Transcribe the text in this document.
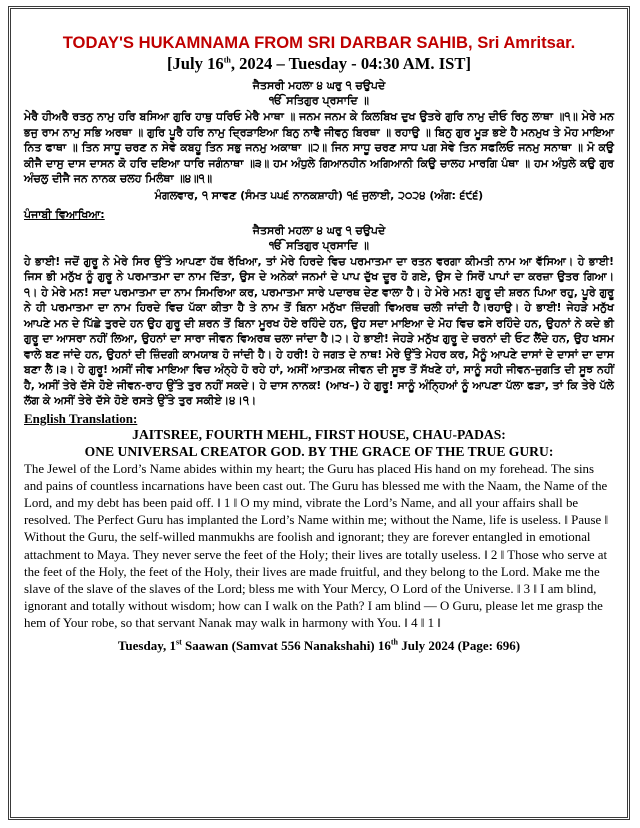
TODAY'S HUKAMNAMA FROM SRI DARBAR SAHIB, Sri Amritsar.

[July 16th, 2024 – Tuesday - 04:30 AM. IST]

ਜੈਤਸਰੀ ਮਹਲਾ ੪ ਘਰੁ ੧ ਚਉਪਦੇ

ੴ ਸਤਿਗੁਰ ਪ੍ਰਸਾਦਿ ॥

ਮੇਰੈ ਹੀਅਰੈ ਰਤਨੁ ਨਾਮੁ ਹਰਿ ਬਸਿਆ ਗੁਰਿ ਹਾਥੁ ਧਰਿਓ ਮੇਰੈ ਮਾਥਾ ॥ ਜਨਮ ਜਨਮ ਕੇ ਕਿਲਬਿਖ ਦੁਖ ਉਤਰੇ ਗੁਰਿ ਨਾਮੁ ਦੀਓ ਰਿਨੁ ਲਾਥਾ ॥੧॥ ਮੇਰੇ ਮਨ ਭਜੁ ਰਾਮ ਨਾਮੁ ਸਭਿ ਅਰਥਾ ॥ ਗੁਰਿ ਪੂਰੈ ਹਰਿ ਨਾਮੁ ਦ੍ਰਿੜਾਇਆ ਬਿਨੁ ਨਾਵੈ ਜੀਵਨੁ ਬਿਰਥਾ ॥ ਰਹਾਉ ॥ ਬਿਨੁ ਗੁਰ ਮੂੜ ਭਏ ਹੈ ਮਨਮੁਖ ਤੇ ਮੋਹ ਮਾਇਆ ਨਿਤ ਫਾਥਾ ॥ ਤਿਨ ਸਾਧੂ ਚਰਣ ਨ ਸੇਵੇ ਕਬਹੂ ਤਿਨ ਸਭੁ ਜਨਮੁ ਅਕਾਥਾ ॥੨॥ ਜਿਨ ਸਾਧੂ ਚਰਣ ਸਾਧ ਪਗ ਸੇਵੇ ਤਿਨ ਸਫਲਿਓ ਜਨਮੁ ਸਨਾਥਾ ॥ ਮੋ ਕਉ ਕੀਜੈ ਦਾਸੁ ਦਾਸ ਦਾਸਨ ਕੋ ਹਰਿ ਦਇਆ ਧਾਰਿ ਜਗੰਨਾਥਾ ॥੩॥ ਹਮ ਅੰਧੁਲੇ ਗਿਆਨਹੀਨ ਅਗਿਆਨੀ ਕਿਉ ਚਾਲਹ ਮਾਰਗਿ ਪੰਥਾ ॥ ਹਮ ਅੰਧੁਲੇ ਕਉ ਗੁਰ ਅੰਚਲੁ ਦੀਜੈ ਜਨ ਨਾਨਕ ਚਲਹ ਮਿਲੰਥਾ ॥੪॥੧॥

ਮੰਗਲਵਾਰ, ੧ ਸਾਵਣ (ਸੰਮਤ ੫੫੬ ਨਾਨਕਸ਼ਾਹੀ) ੧੬ ਜੁਲਾਈ, ੨੦੨੪ (ਅੰਗ: ੬੯੬)

ਪੰਜਾਬੀ ਵਿਆਖਿਆ:

ਜੈਤਸਰੀ ਮਹਲਾ ੪ ਘਰੁ ੧ ਚਉਪਦੇ

ੴ ਸਤਿਗੁਰ ਪ੍ਰਸਾਦਿ ॥

ਹੇ ਭਾਈ! ਜਦੋਂ ਗੁਰੂ ਨੇ ਮੇਰੇ ਸਿਰ ਉੱਤੇ ਆਪਣਾ ਹੱਥ ਰੱਖਿਆ, ਤਾਂ ਮੇਰੇ ਹਿਰਦੇ ਵਿਚ ਪਰਮਾਤਮਾ ਦਾ ਰਤਨ ਵਰਗਾ ਕੀਮਤੀ ਨਾਮ ਆ ਵੱਸਿਆ। ਹੇ ਭਾਈ! ਜਿਸ ਭੀ ਮਨੁੱਖ ਨੂੰ ਗੁਰੂ ਨੇ ਪਰਮਾਤਮਾ ਦਾ ਨਾਮ ਦਿੱਤਾ, ਉਸ ਦੇ ਅਨੇਕਾਂ ਜਨਮਾਂ ਦੇ ਪਾਪ ਦੁੱਖ ਦੂਰ ਹੋ ਗਏ, ਉਸ ਦੇ ਸਿਰੋਂ ਪਾਪਾਂ ਦਾ ਕਰਜ਼ਾ ਉਤਰ ਗਿਆ।੧। ਹੇ ਮੇਰੇ ਮਨ! ਸਦਾ ਪਰਮਾਤਮਾ ਦਾ ਨਾਮ ਸਿਮਰਿਆ ਕਰ, ਪਰਮਾਤਮਾ ਸਾਰੇ ਪਦਾਰਥ ਦੇਣ ਵਾਲਾ ਹੈ। ਹੇ ਮੇਰੇ ਮਨ! ਗੁਰੂ ਦੀ ਸ਼ਰਨ ਪਿਆ ਰਹੁ, ਪੂਰੇ ਗੁਰੂ ਨੇ ਹੀ ਪਰਮਾਤਮਾ ਦਾ ਨਾਮ ਹਿਰਦੇ ਵਿਚ ਪੱਕਾ ਕੀਤਾ ਹੈ ਤੇ ਨਾਮ ਤੋਂ ਬਿਨਾ ਮਨੁੱਖਾ ਜ਼ਿੰਦਗੀ ਵਿਅਰਥ ਚਲੀ ਜਾਂਦੀ ਹੈ।ਰਹਾਉ। ਹੇ ਭਾਈ! ਜੇਹੜੇ ਮਨੁੱਖ ਆਪਣੇ ਮਨ ਦੇ ਪਿੱਛੇ ਤੁਰਦੇ ਹਨ ਉਹ ਗੁਰੂ ਦੀ ਸ਼ਰਨ ਤੋਂ ਬਿਨਾ ਮੂਰਖ ਹੋਏ ਰਹਿੰਦੇ ਹਨ, ਉਹ ਸਦਾ ਮਾਇਆ ਦੇ ਮੋਹ ਵਿਚ ਫਸੇ ਰਹਿੰਦੇ ਹਨ, ਉਹਨਾਂ ਨੇ ਕਦੇ ਭੀ ਗੁਰੂ ਦਾ ਆਸਰਾ ਨਹੀਂ ਲਿਆ, ਉਹਨਾਂ ਦਾ ਸਾਰਾ ਜੀਵਨ ਵਿਅਰਥ ਚਲਾ ਜਾਂਦਾ ਹੈ।੨। ਹੇ ਭਾਈ! ਜੇਹੜੇ ਮਨੁੱਖ ਗੁਰੂ ਦੇ ਚਰਨਾਂ ਦੀ ਓਟ ਲੈਂਦੇ ਹਨ, ਉਹ ਖਸਮ ਵਾਲੇ ਬਣ ਜਾਂਦੇ ਹਨ, ਉਹਨਾਂ ਦੀ ਜ਼ਿੰਦਗੀ ਕਾਮਯਾਬ ਹੋ ਜਾਂਦੀ ਹੈ। ਹੇ ਹਰੀ! ਹੇ ਜਗਤ ਦੇ ਨਾਥ! ਮੇਰੇ ਉੱਤੇ ਮੇਹਰ ਕਰ, ਮੈਨੂੰ ਆਪਣੇ ਦਾਸਾਂ ਦੇ ਦਾਸਾਂ ਦਾ ਦਾਸ ਬਣਾ ਲੈ।੩। ਹੇ ਗੁਰੂ! ਅਸੀਂ ਜੀਵ ਮਾਇਆ ਵਿਚ ਅੰਨ੍ਹੇ ਹੋ ਰਹੇ ਹਾਂ, ਅਸੀਂ ਆਤਮਕ ਜੀਵਨ ਦੀ ਸੂਝ ਤੋਂ ਸੱਖਣੇ ਹਾਂ, ਸਾਨੂੰ ਸਹੀ ਜੀਵਨ-ਜੁਗਤਿ ਦੀ ਸੂਝ ਨਹੀਂ ਹੈ, ਅਸੀਂ ਤੇਰੇ ਦੱਸੇ ਹੋਏ ਜੀਵਨ-ਰਾਹ ਉੱਤੇ ਤੁਰ ਨਹੀਂ ਸਕਦੇ। ਹੇ ਦਾਸ ਨਾਨਕ! (ਆਖ–) ਹੇ ਗੁਰੂ! ਸਾਨੂੰ ਅੰਨ੍ਹਿਆਂ ਨੂੰ ਆਪਣਾ ਪੱਲਾ ਫੜਾ, ਤਾਂ ਕਿ ਤੇਰੇ ਪੱਲੇ ਲੱਗ ਕੇ ਅਸੀਂ ਤੇਰੇ ਦੱਸੇ ਹੋਏ ਰਸਤੇ ਉੱਤੇ ਤੁਰ ਸਕੀਏ।੪।੧।

English Translation:

JAITSREE, FOURTH MEHL, FIRST HOUSE, CHAU-PADAS:

ONE UNIVERSAL CREATOR GOD. BY THE GRACE OF THE TRUE GURU:

The Jewel of the Lord’s Name abides within my heart; the Guru has placed His hand on my forehead. The sins and pains of countless incarnations have been cast out. The Guru has blessed me with the Naam, the Name of the Lord, and my debt has been paid off. ‖ 1 ‖ O my mind, vibrate the Lord’s Name, and all your affairs shall be resolved. The Perfect Guru has implanted the Lord’s Name within me; without the Name, life is useless. ‖ Pause ‖ Without the Guru, the self-willed manmukhs are foolish and ignorant; they are forever entangled in emotional attachment to Maya. They never serve the feet of the Holy; their lives are totally useless. ‖ 2 ‖ Those who serve at the feet of the Holy, the feet of the Holy, their lives are made fruitful, and they belong to the Lord. Make me the slave of the slave of the slaves of the Lord; bless me with Your Mercy, O Lord of the Universe. ‖ 3 ‖ I am blind, ignorant and totally without wisdom; how can I walk on the Path? I am blind — O Guru, please let me grasp the hem of Your robe, so that servant Nanak may walk in harmony with You. ‖ 4 ‖ 1 ‖

Tuesday, 1st Saawan (Samvat 556 Nanakshahi) 16th July 2024 (Page: 696)
